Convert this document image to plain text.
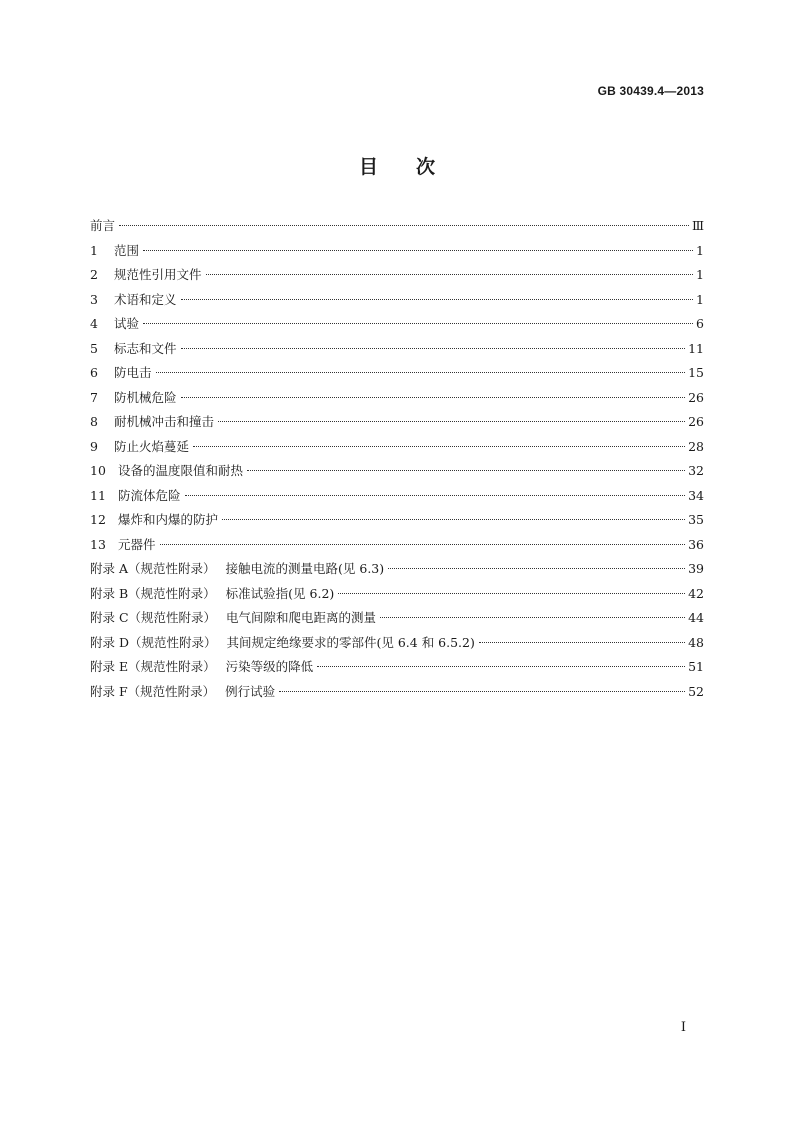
GB 30439.4—2013
目　　次
前言	Ⅲ
1 范围	1
2 规范性引用文件	1
3 术语和定义	1
4 试验	6
5 标志和文件	11
6 防电击	15
7 防机械危险	26
8 耐机械冲击和撞击	26
9 防止火焰蔓延	28
10 设备的温度限值和耐热	32
11 防流体危险	34
12 爆炸和内爆的防护	35
13 元器件	36
附录 A（规范性附录） 接触电流的测量电路(见 6.3)	39
附录 B（规范性附录） 标准试验指(见 6.2)	42
附录 C（规范性附录） 电气间隙和爬电距离的测量	44
附录 D（规范性附录） 其间规定绝缘要求的零部件(见 6.4 和 6.5.2)	48
附录 E（规范性附录） 污染等级的降低	51
附录 F（规范性附录） 例行试验	52
I
